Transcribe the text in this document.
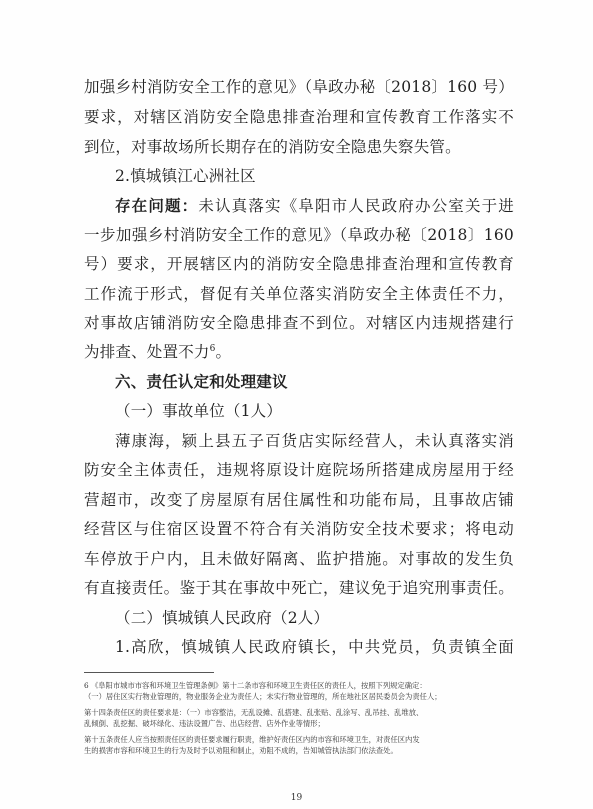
加强乡村消防安全工作的意见》（阜政办秘〔2018〕160 号）
要求，对辖区消防安全隐患排查治理和宣传教育工作落实不
到位，对事故场所长期存在的消防安全隐患失察失管。
2.慎城镇江心洲社区
存在问题：未认真落实《阜阳市人民政府办公室关于进
一步加强乡村消防安全工作的意见》（阜政办秘〔2018〕160
号）要求，开展辖区内的消防安全隐患排查治理和宣传教育
工作流于形式，督促有关单位落实消防安全主体责任不力，
对事故店铺消防安全隐患排查不到位。对辖区内违规搭建行
为排查、处置不力$^6$。
六、责任认定和处理建议
（一）事故单位（1人）
薄康海，颍上县五子百货店实际经营人，未认真落实消
防安全主体责任，违规将原设计庭院场所搭建成房屋用于经
营超市，改变了房屋原有居住属性和功能布局，且事故店铺
经营区与住宿区设置不符合有关消防安全技术要求；将电动
车停放于户内，且未做好隔离、监护措施。对事故的发生负
有直接责任。鉴于其在事故中死亡，建议免于追究刑事责任。
（二）慎城镇人民政府（2人）
1.高欣，慎城镇人民政府镇长，中共党员，负责镇全面
6 《阜阳市城市市容和环境卫生管理条例》第十二条市容和环境卫生责任区的责任人，按照下列规定确定：
（一）居住区实行物业管理的，物业服务企业为责任人；未实行物业管理的，所在地社区居民委员会为责任人；
第十四条责任区的责任要求是：（一）市容整洁，无乱设摊、乱搭建、乱张贴、乱涂写、乱吊挂、乱堆放、
乱倾倒、乱挖掘、破坏绿化、违法设置广告、出店经营、店外作业等情形；
第十五条责任人应当按照责任区的责任要求履行职责，维护好责任区内的市容和环境卫生，对责任区内发
生的损害市容和环境卫生的行为及时予以劝阻和制止，劝阻不成的，告知城管执法部门依法查处。
19
